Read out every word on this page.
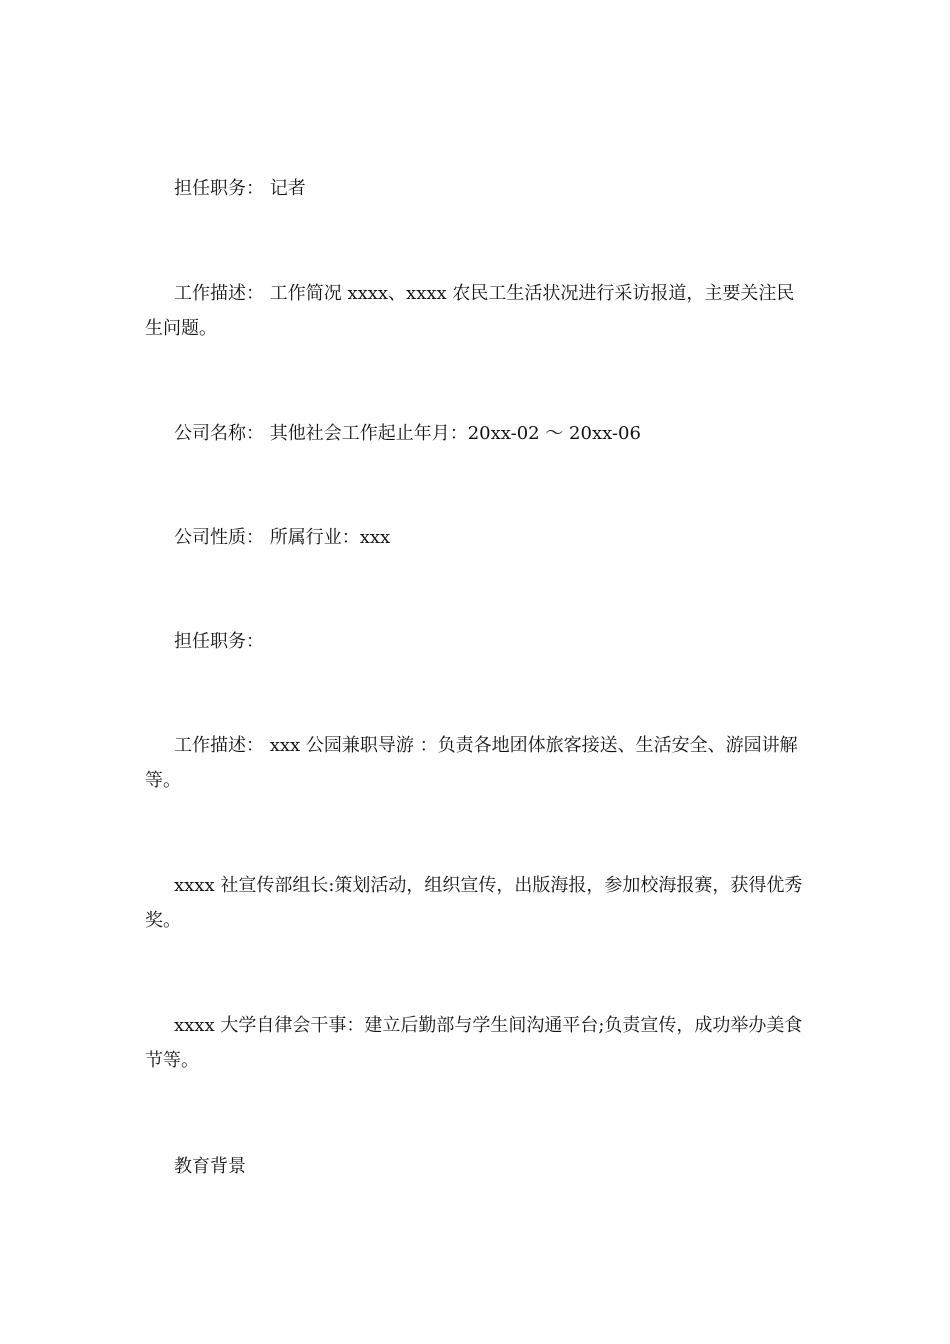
担任职务： 记者

工作描述： 工作简况 xxxx、xxxx 农民工生活状况进行采访报道，主要关注民生问题。

公司名称： 其他社会工作起止年月：20xx-02 ～ 20xx-06

公司性质： 所属行业：xxx

担任职务：

工作描述： xxx 公园兼职导游 ：负责各地团体旅客接送、生活安全、游园讲解等。

xxxx 社宣传部组长:策划活动，组织宣传，出版海报，参加校海报赛，获得优秀奖。

xxxx 大学自律会干事：建立后勤部与学生间沟通平台;负责宣传，成功举办美食节等。

教育背景
